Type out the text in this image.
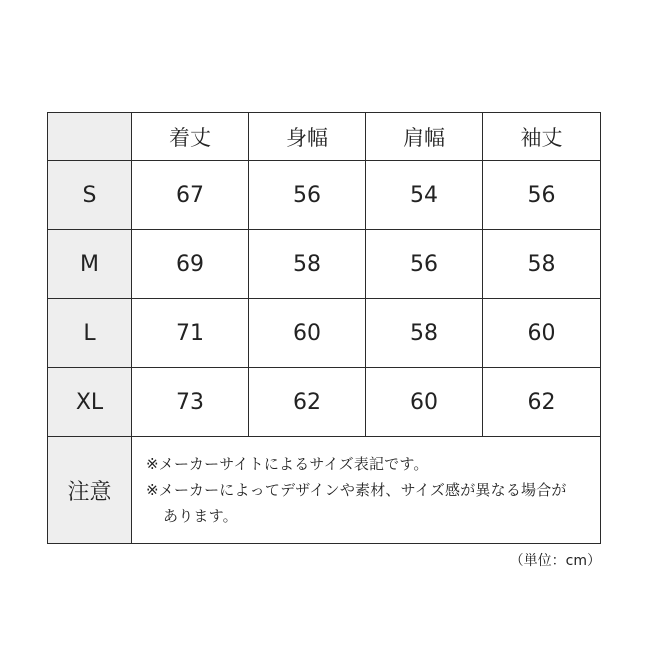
	着丈	身幅	肩幅	袖丈
S	67	56	54	56
M	69	58	56	58
L	71	60	58	60
XL	73	62	60	62
注意	※メーカーサイトによるサイズ表記です。
※メーカーによってデザインや素材、サイズ感が異なる場合が
あります。			
（単位：cm）
